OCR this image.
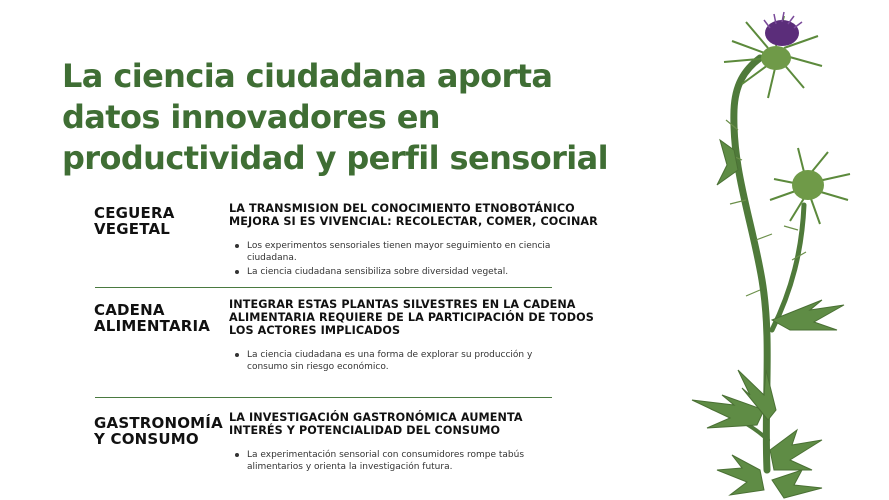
La ciencia ciudadana aporta
datos innovadores en
productividad y perfil sensorial
CEGUERA
VEGETAL

LA TRANSMISION DEL CONOCIMIENTO ETNOBOTÁNICO
MEJORA SI ES VIVENCIAL: RECOLECTAR, COMER, COCINAR

Los experimentos sensoriales tienen mayor seguimiento en ciencia ciudadana.
La ciencia ciudadana sensibiliza sobre diversidad vegetal.
CADENA
ALIMENTARIA

INTEGRAR ESTAS PLANTAS SILVESTRES EN LA CADENA
ALIMENTARIA REQUIERE DE LA PARTICIPACIÓN DE TODOS
LOS ACTORES IMPLICADOS

La ciencia ciudadana es una forma de explorar su producción y consumo sin riesgo económico.
GASTRONOMÍA
Y CONSUMO

LA INVESTIGACIÓN GASTRONÓMICA AUMENTA
INTERÉS Y POTENCIALIDAD DEL CONSUMO

La experimentación sensorial con consumidores rompe tabús alimentarios y orienta la investigación futura.
